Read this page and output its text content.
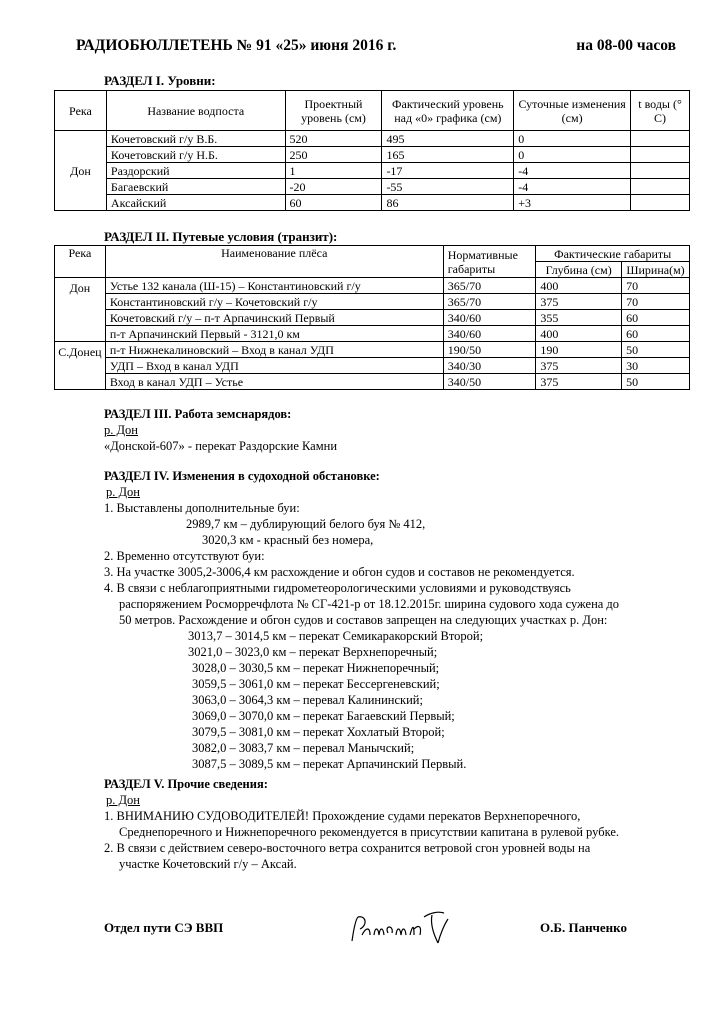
РАДИОБЮЛЛЕТЕНЬ № 91 «25» июня 2016 г.	на 08-00 часов
РАЗДЕЛ I. Уровни:
Река	Название водпоста	Проектный уровень (см)	Фактический уровень над «0» графика (см)	Суточные изменения (см)	t воды (° С)
Дон	Кочетовский г/у В.Б.	520	495	0	
	Кочетовский г/у Н.Б.	250	165	0	
	Раздорский	1	-17	-4	
	Багаевский	-20	-55	-4	
	Аксайский	60	86	+3	
РАЗДЕЛ II. Путевые условия (транзит):
Река	Наименование плёса	Нормативные габариты	Фактические габариты	
			Глубина (см)	Ширина(м)
Дон	Устье 132 канала (Ш-15) – Константиновский г/у	365/70	400	70
	Константиновский г/у – Кочетовский г/у	365/70	375	70
	Кочетовский г/у – п-т Арпачинский Первый	340/60	355	60
	п-т Арпачинский Первый - 3121,0 км	340/60	400	60
С.Донец	п-т Нижнекалиновский – Вход в канал УДП	190/50	190	50
	УДП – Вход в канал УДП	340/30	375	30
	Вход в канал УДП – Устье	340/50	375	50
РАЗДЕЛ III. Работа земснарядов:
р. Дон
«Донской-607» - перекат Раздорские Камни
РАЗДЕЛ IV. Изменения в судоходной обстановке:
р. Дон
1. Выставлены дополнительные буи:
2989,7 км – дублирующий белого буя № 412,
3020,3 км - красный без номера,
2. Временно отсутствуют буи:
3. На участке 3005,2-3006,4 км расхождение и обгон судов и составов не рекомендуется.
4. В связи с неблагоприятными гидрометеорологическими условиями и руководствуясь
распоряжением Росморречфлота № СГ-421-р от 18.12.2015г. ширина судового хода сужена до
50 метров. Расхождение и обгон судов и составов запрещен на следующих участках р. Дон:
3013,7 – 3014,5 км – перекат Семикаракорский Второй;
3021,0 – 3023,0 км – перекат Верхнепоречный;
3028,0 – 3030,5 км – перекат Нижнепоречный;
3059,5 – 3061,0 км – перекат Бессергеневский;
3063,0 – 3064,3 км – перевал Калининский;
3069,0 – 3070,0 км – перекат Багаевский Первый;
3079,5 – 3081,0 км – перекат Хохлатый Второй;
3082,0 – 3083,7 км – перевал Манычский;
3087,5 – 3089,5 км – перекат Арпачинский Первый.
РАЗДЕЛ V. Прочие сведения:
р. Дон
1. ВНИМАНИЮ СУДОВОДИТЕЛЕЙ! Прохождение судами перекатов Верхнепоречного,
Среднепоречного и Нижнепоречного рекомендуется в присутствии капитана в рулевой рубке.
2. В связи с действием северо-восточного ветра сохранится ветровой сгон уровней воды на
участке Кочетовский г/у – Аксай.
Отдел пути СЭ ВВП	О.Б. Панченко
